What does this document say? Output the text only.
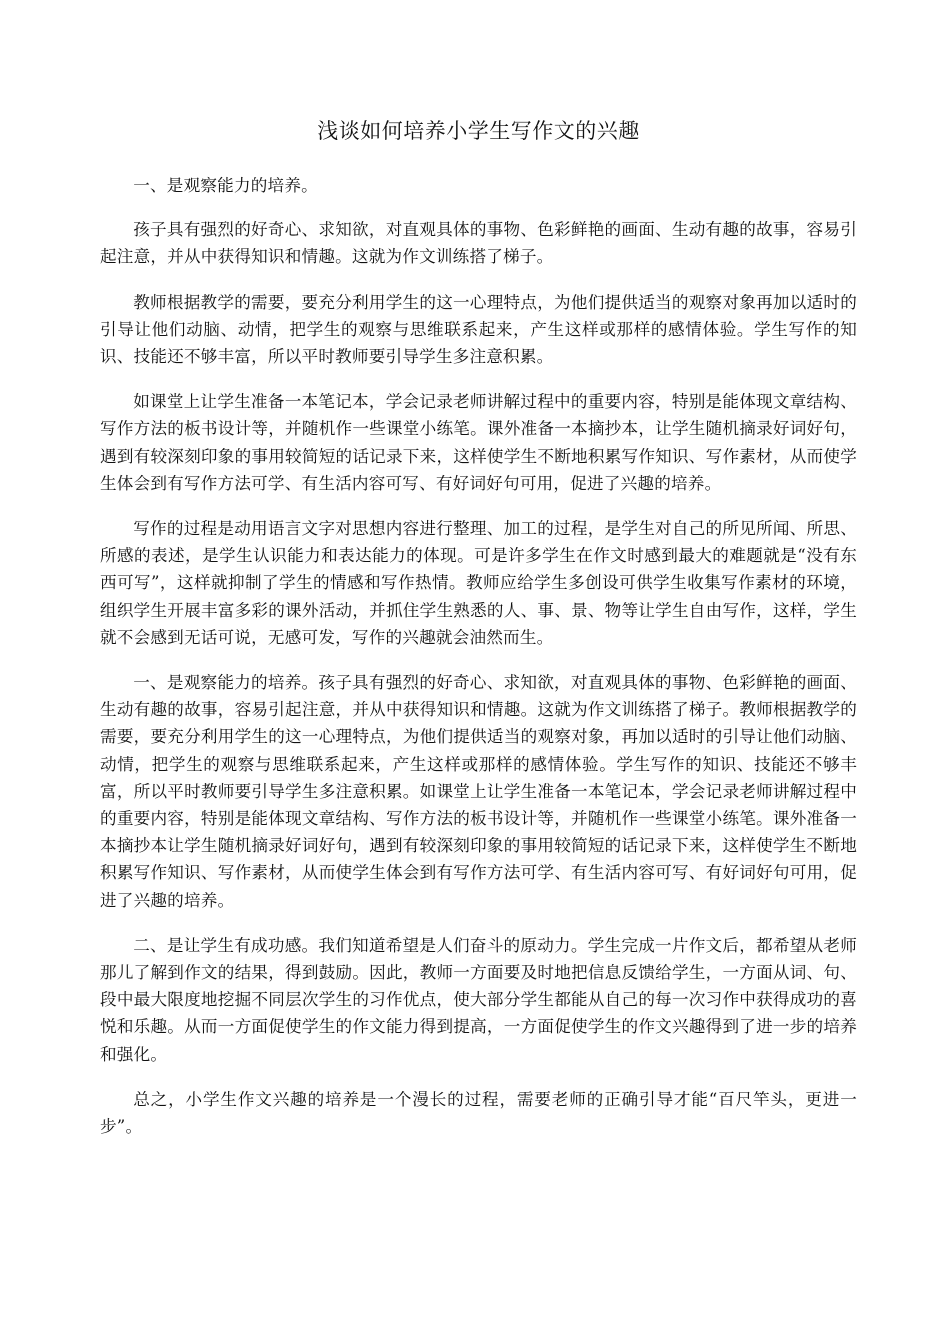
浅谈如何培养小学生写作文的兴趣

一、是观察能力的培养。

孩子具有强烈的好奇心、求知欲，对直观具体的事物、色彩鲜艳的画面、生动有趣的故事，容易引起注意，并从中获得知识和情趣。这就为作文训练搭了梯子。

教师根据教学的需要，要充分利用学生的这一心理特点，为他们提供适当的观察对象再加以适时的引导让他们动脑、动情，把学生的观察与思维联系起来，产生这样或那样的感情体验。学生写作的知识、技能还不够丰富，所以平时教师要引导学生多注意积累。

如课堂上让学生准备一本笔记本，学会记录老师讲解过程中的重要内容，特别是能体现文章结构、写作方法的板书设计等，并随机作一些课堂小练笔。课外准备一本摘抄本，让学生随机摘录好词好句，遇到有较深刻印象的事用较简短的话记录下来，这样使学生不断地积累写作知识、写作素材，从而使学生体会到有写作方法可学、有生活内容可写、有好词好句可用，促进了兴趣的培养。

写作的过程是动用语言文字对思想内容进行整理、加工的过程，是学生对自己的所见所闻、所思、所感的表述，是学生认识能力和表达能力的体现。可是许多学生在作文时感到最大的难题就是“没有东西可写”，这样就抑制了学生的情感和写作热情。教师应给学生多创设可供学生收集写作素材的环境，组织学生开展丰富多彩的课外活动，并抓住学生熟悉的人、事、景、物等让学生自由写作，这样，学生就不会感到无话可说，无感可发，写作的兴趣就会油然而生。

一、是观察能力的培养。孩子具有强烈的好奇心、求知欲，对直观具体的事物、色彩鲜艳的画面、生动有趣的故事，容易引起注意，并从中获得知识和情趣。这就为作文训练搭了梯子。教师根据教学的需要，要充分利用学生的这一心理特点，为他们提供适当的观察对象，再加以适时的引导让他们动脑、动情，把学生的观察与思维联系起来，产生这样或那样的感情体验。学生写作的知识、技能还不够丰富，所以平时教师要引导学生多注意积累。如课堂上让学生准备一本笔记本，学会记录老师讲解过程中的重要内容，特别是能体现文章结构、写作方法的板书设计等，并随机作一些课堂小练笔。课外准备一本摘抄本让学生随机摘录好词好句，遇到有较深刻印象的事用较简短的话记录下来，这样使学生不断地积累写作知识、写作素材，从而使学生体会到有写作方法可学、有生活内容可写、有好词好句可用，促进了兴趣的培养。

二、是让学生有成功感。我们知道希望是人们奋斗的原动力。学生完成一片作文后，都希望从老师那儿了解到作文的结果，得到鼓励。因此，教师一方面要及时地把信息反馈给学生，一方面从词、句、段中最大限度地挖掘不同层次学生的习作优点，使大部分学生都能从自己的每一次习作中获得成功的喜悦和乐趣。从而一方面促使学生的作文能力得到提高，一方面促使学生的作文兴趣得到了进一步的培养和强化。

总之，小学生作文兴趣的培养是一个漫长的过程，需要老师的正确引导才能“百尺竿头，更进一步”。
